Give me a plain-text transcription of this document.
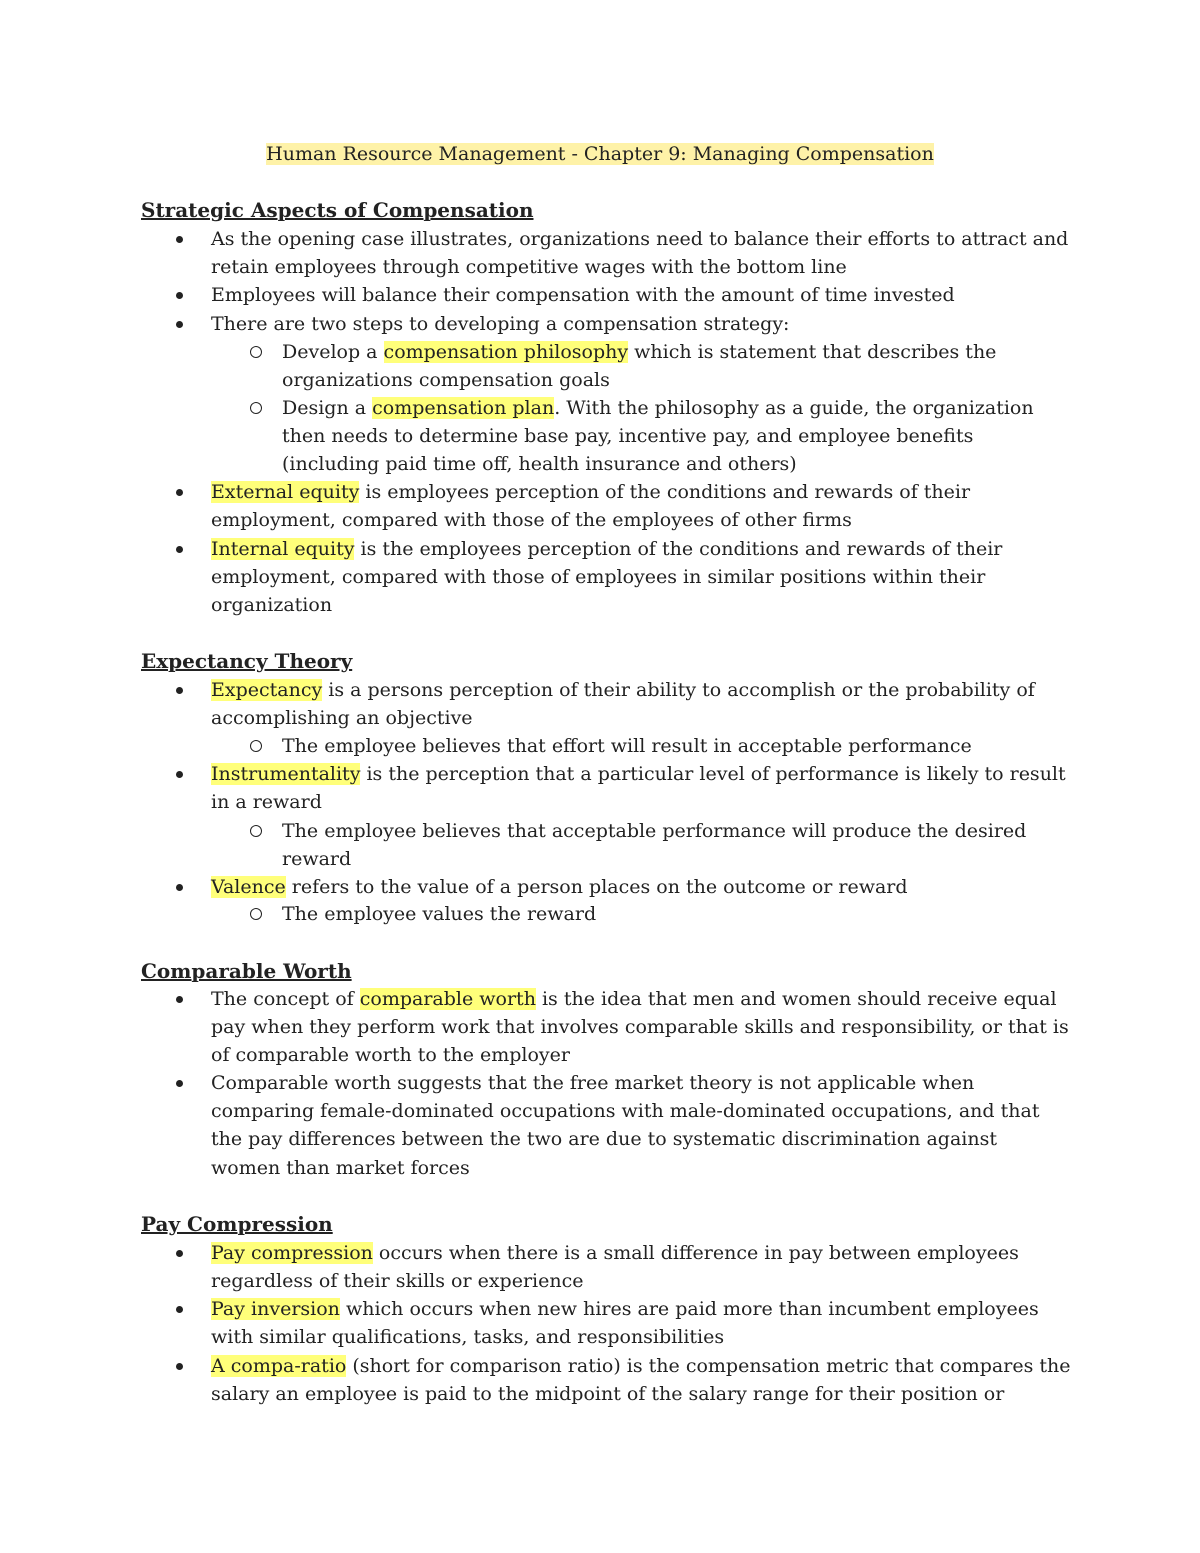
Human Resource Management - Chapter 9: Managing Compensation
Strategic Aspects of Compensation
As the opening case illustrates, organizations need to balance their efforts to attract and retain employees through competitive wages with the bottom line
Employees will balance their compensation with the amount of time invested
There are two steps to developing a compensation strategy:
Develop a compensation philosophy which is statement that describes the organizations compensation goals
Design a compensation plan. With the philosophy as a guide, the organization then needs to determine base pay, incentive pay, and employee benefits (including paid time off, health insurance and others)
External equity is employees perception of the conditions and rewards of their employment, compared with those of the employees of other firms
Internal equity is the employees perception of the conditions and rewards of their employment, compared with those of employees in similar positions within their organization
Expectancy Theory
Expectancy is a persons perception of their ability to accomplish or the probability of accomplishing an objective
The employee believes that effort will result in acceptable performance
Instrumentality is the perception that a particular level of performance is likely to result in a reward
The employee believes that acceptable performance will produce the desired reward
Valence refers to the value of a person places on the outcome or reward
The employee values the reward
Comparable Worth
The concept of comparable worth is the idea that men and women should receive equal pay when they perform work that involves comparable skills and responsibility, or that is of comparable worth to the employer
Comparable worth suggests that the free market theory is not applicable when comparing female-dominated occupations with male-dominated occupations, and that the pay differences between the two are due to systematic discrimination against women than market forces
Pay Compression
Pay compression occurs when there is a small difference in pay between employees regardless of their skills or experience
Pay inversion which occurs when new hires are paid more than incumbent employees with similar qualifications, tasks, and responsibilities
A compa-ratio (short for comparison ratio) is the compensation metric that compares the salary an employee is paid to the midpoint of the salary range for their position or
